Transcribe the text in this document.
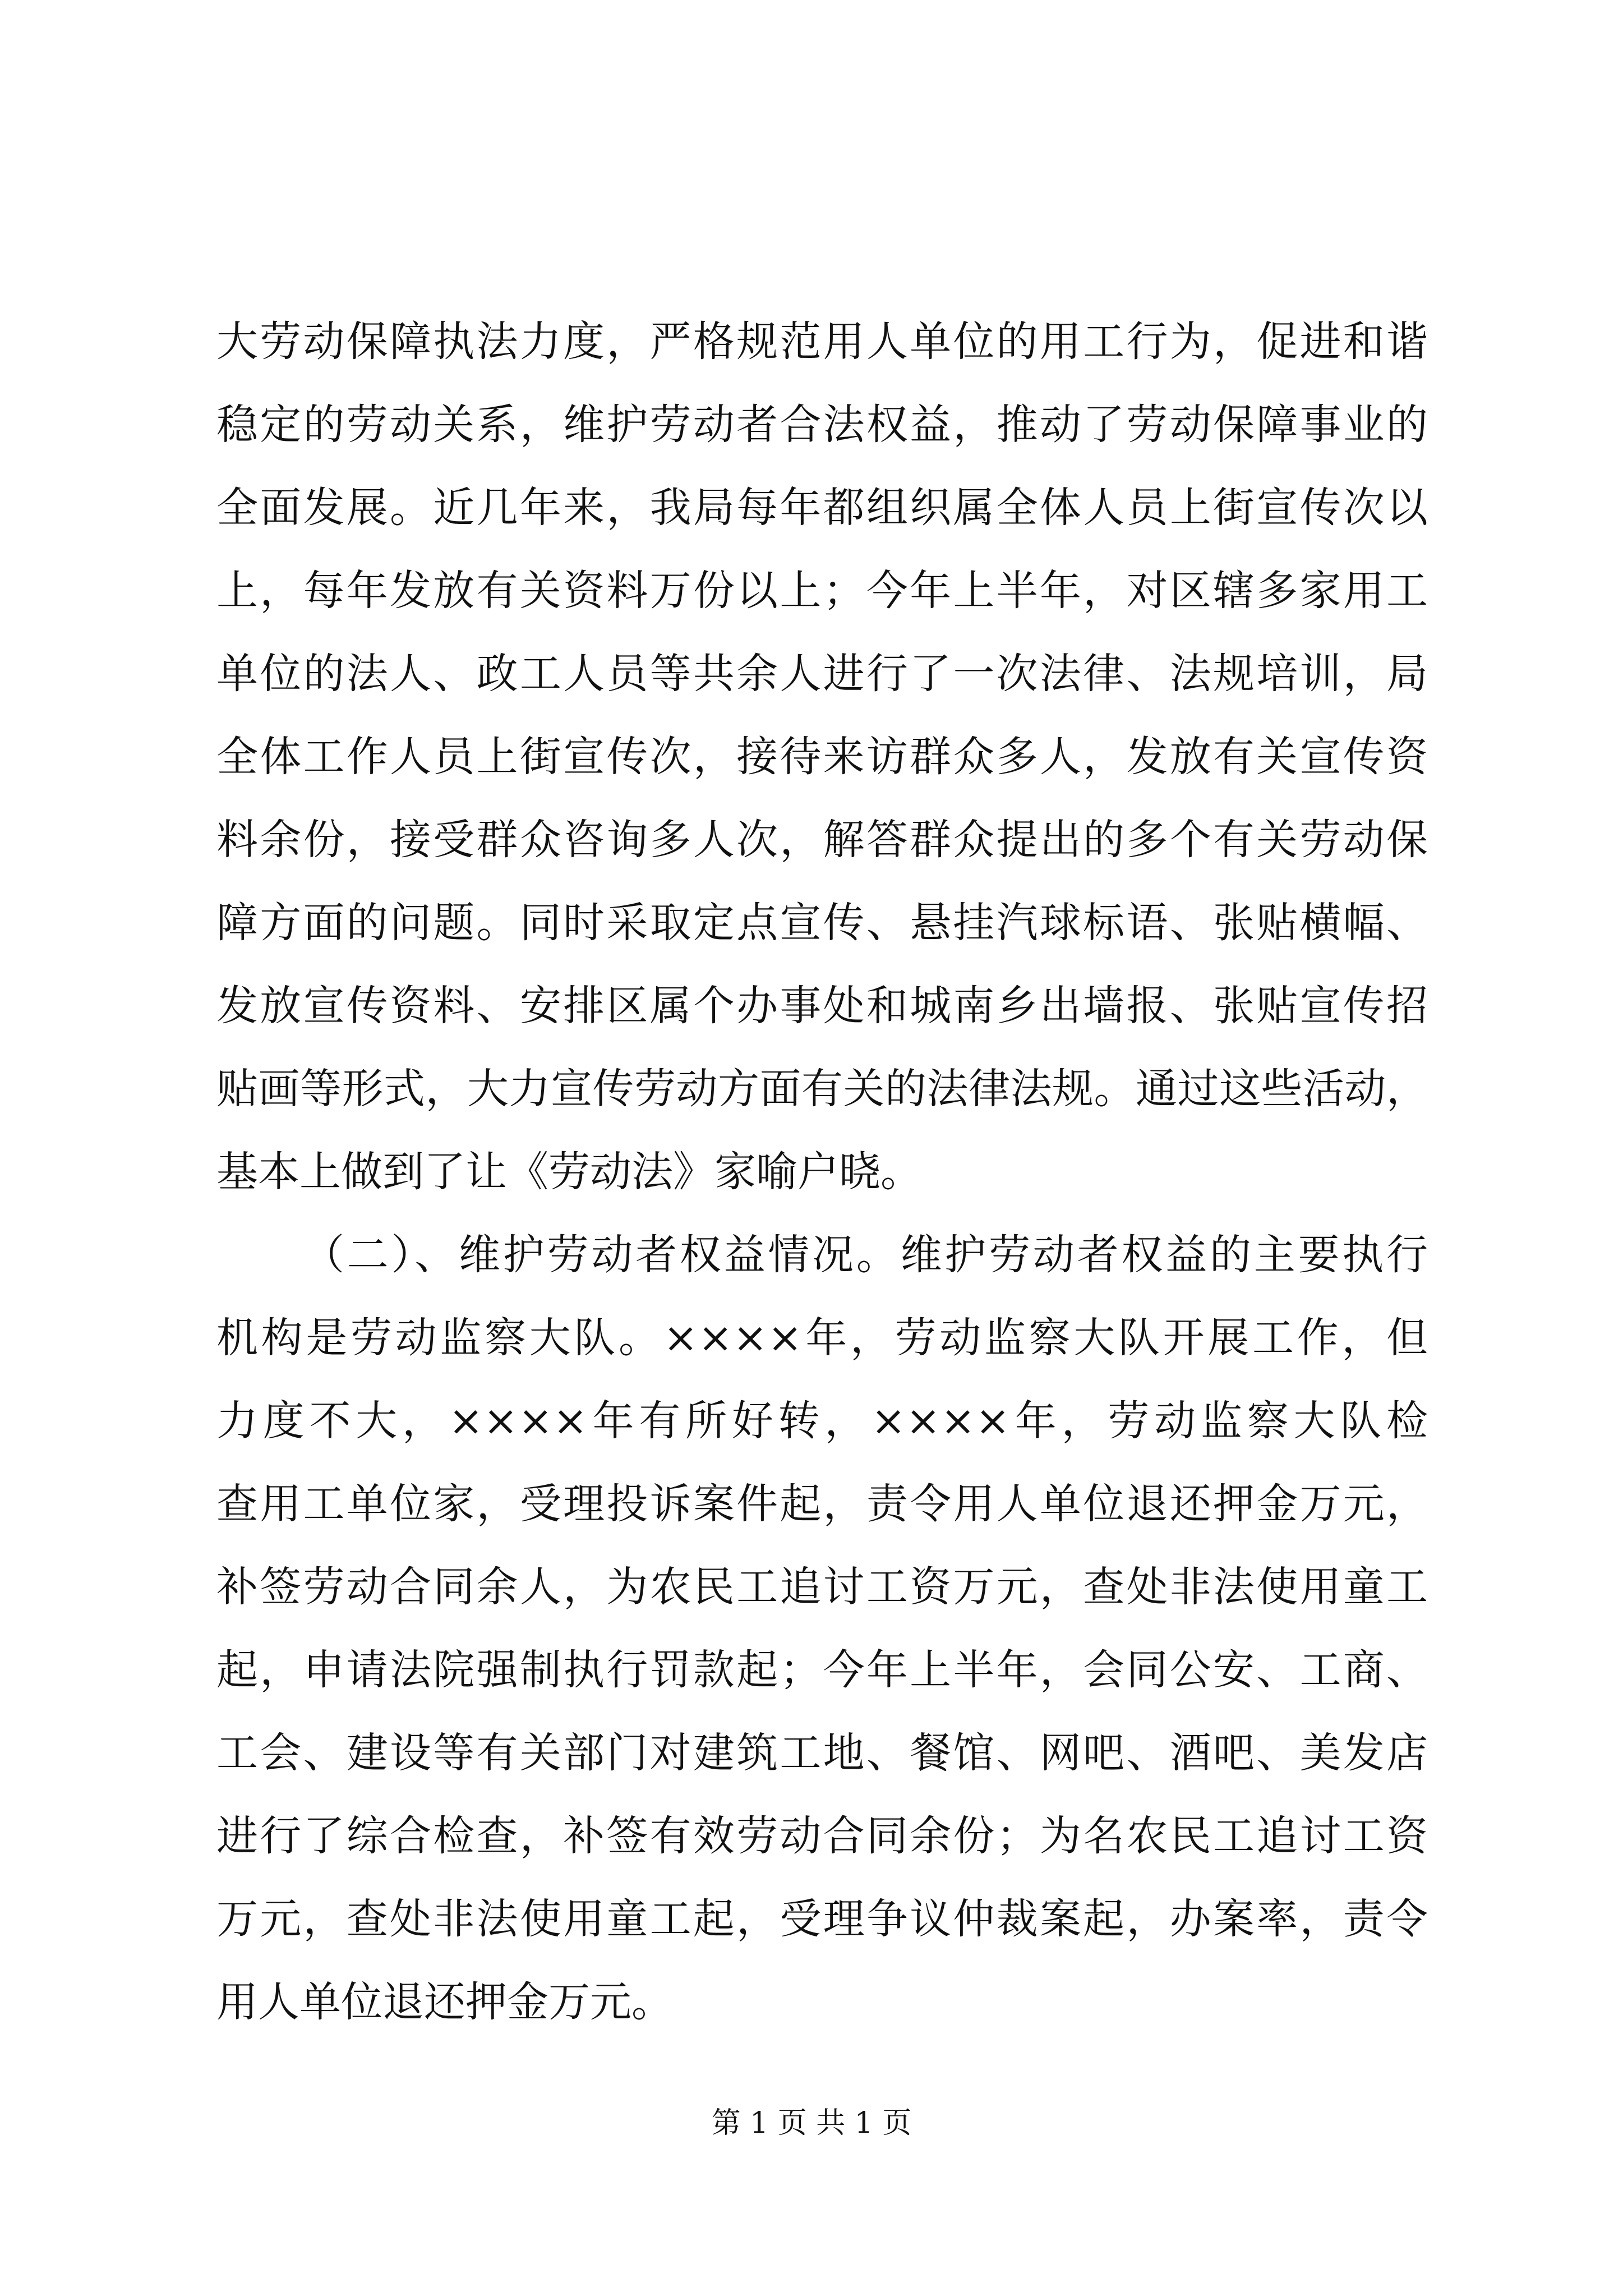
大劳动保障执法力度，严格规范用人单位的用工行为，促进和谐
稳定的劳动关系，维护劳动者合法权益，推动了劳动保障事业的
全面发展。近几年来，我局每年都组织属全体人员上街宣传次以
上，每年发放有关资料万份以上；今年上半年，对区辖多家用工
单位的法人、政工人员等共余人进行了一次法律、法规培训，局
全体工作人员上街宣传次，接待来访群众多人，发放有关宣传资
料余份，接受群众咨询多人次，解答群众提出的多个有关劳动保
障方面的问题。同时采取定点宣传、悬挂汽球标语、张贴横幅、
发放宣传资料、安排区属个办事处和城南乡出墙报、张贴宣传招
贴画等形式，大力宣传劳动方面有关的法律法规。通过这些活动，
基本上做到了让《劳动法》家喻户晓。
（二）、维护劳动者权益情况。维护劳动者权益的主要执行
机构是劳动监察大队。××××年，劳动监察大队开展工作，但
力度不大，××××年有所好转，××××年，劳动监察大队检
查用工单位家，受理投诉案件起，责令用人单位退还押金万元，
补签劳动合同余人，为农民工追讨工资万元，查处非法使用童工
起，申请法院强制执行罚款起；今年上半年，会同公安、工商、
工会、建设等有关部门对建筑工地、餐馆、网吧、酒吧、美发店
进行了综合检查，补签有效劳动合同余份；为名农民工追讨工资
万元，查处非法使用童工起，受理争议仲裁案起，办案率，责令
用人单位退还押金万元。
第 1 页 共 1 页
